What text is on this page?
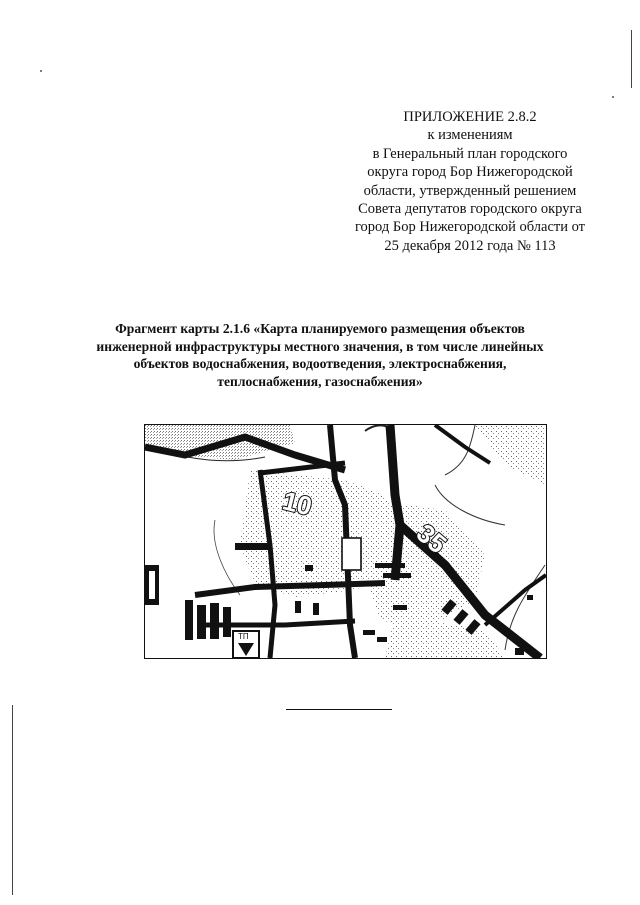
ПРИЛОЖЕНИЕ 2.8.2
к изменениям
в Генеральный план городского
округа город Бор Нижегородской
области, утвержденный решением
Совета депутатов городского округа
город Бор Нижегородской области от
25 декабря 2012 года № 113
Фрагмент карты 2.1.6 «Карта планируемого размещения объектов
инженерной инфраструктуры местного значения, в том числе линейных
объектов водоснабжения, водоотведения, электроснабжения,
теплоснабжения, газоснабжения»
ТП
10
35
